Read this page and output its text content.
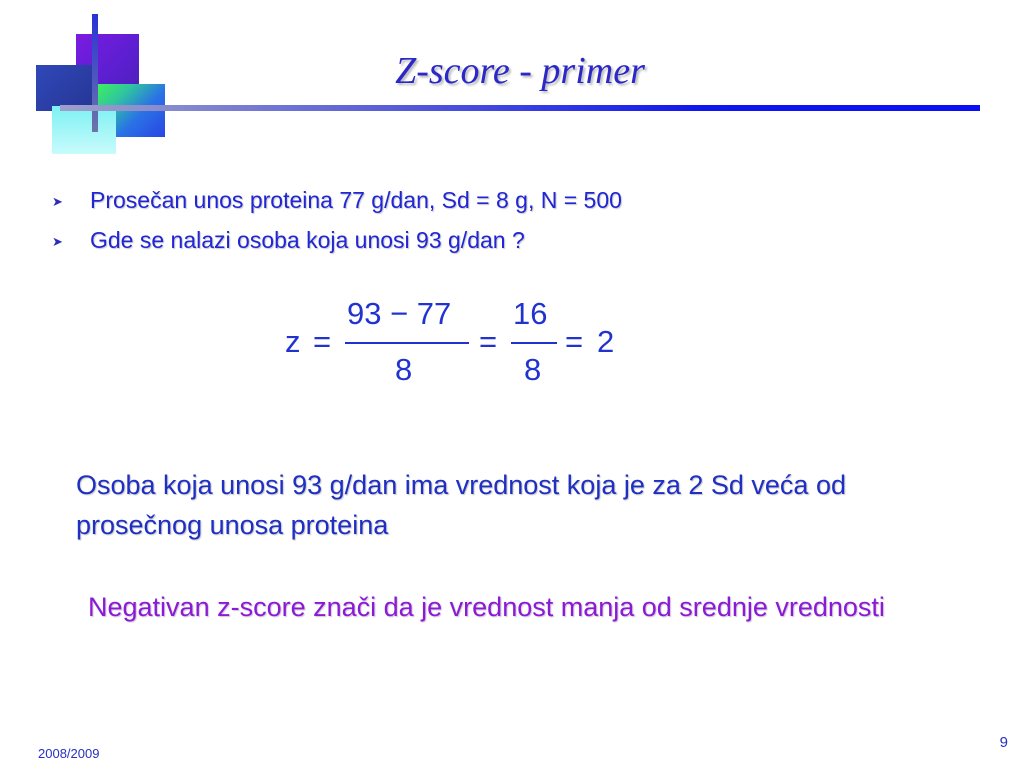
Z-score - primer
➤ Prosečan unos proteina 77 g/dan, Sd = 8 g, N = 500
➤ Gde se nalazi osoba koja unosi 93 g/dan ?
z =
93 − 77
8
=
16
8
= 2
Osoba koja unosi 93 g/dan ima vrednost koja je za 2 Sd veća od prosečnog unosa proteina
Negativan z-score znači da je vrednost manja od srednje vrednosti
2008/2009
9
